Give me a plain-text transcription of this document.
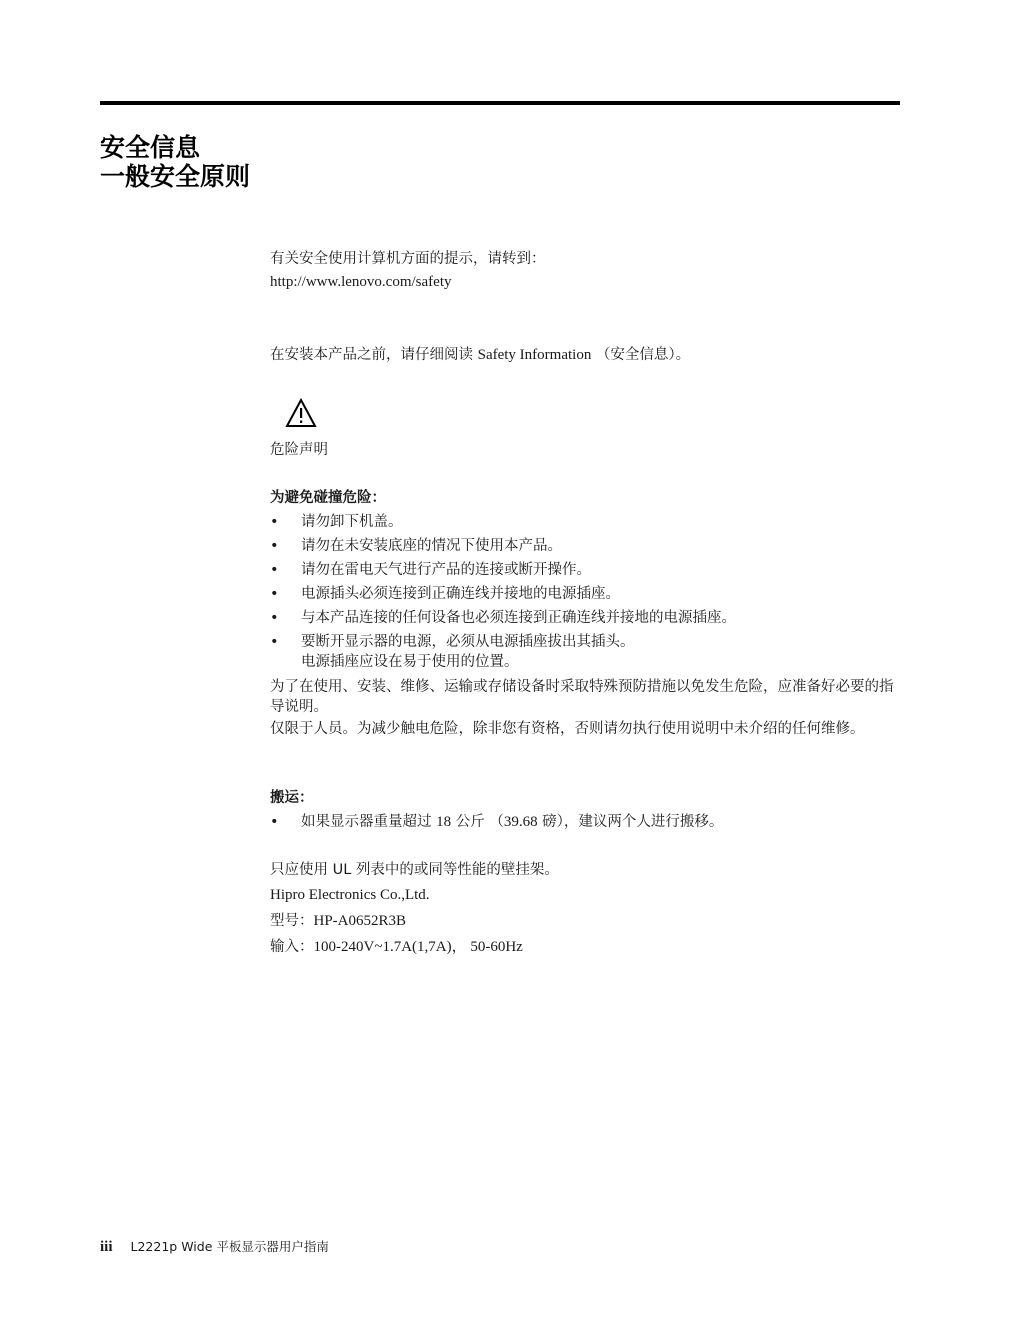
安全信息
一般安全原则

有关安全使用计算机方面的提示，请转到：

http://www.lenovo.com/safety

在安装本产品之前，请仔细阅读 Safety Information （安全信息）。

危险声明

为避免碰撞危险：

• 请勿卸下机盖。
• 请勿在未安装底座的情况下使用本产品。
• 请勿在雷电天气进行产品的连接或断开操作。
• 电源插头必须连接到正确连线并接地的电源插座。
• 与本产品连接的任何设备也必须连接到正确连线并接地的电源插座。
• 要断开显示器的电源，必须从电源插座拔出其插头。
电源插座应设在易于使用的位置。

为了在使用、安装、维修、运输或存储设备时采取特殊预防措施以免发生危险，应准备好必要的指导说明。

仅限于人员。为减少触电危险，除非您有资格，否则请勿执行使用说明中未介绍的任何维修。

搬运：

• 如果显示器重量超过 18 公斤 （39.68 磅），建议两个人进行搬移。

只应使用 UL 列表中的或同等性能的壁挂架。

Hipro Electronics Co.,Ltd.

型号：HP-A0652R3B

输入：100-240V~1.7A(1,7A)， 50-60Hz

iii L2221p Wide 平板显示器用户指南
